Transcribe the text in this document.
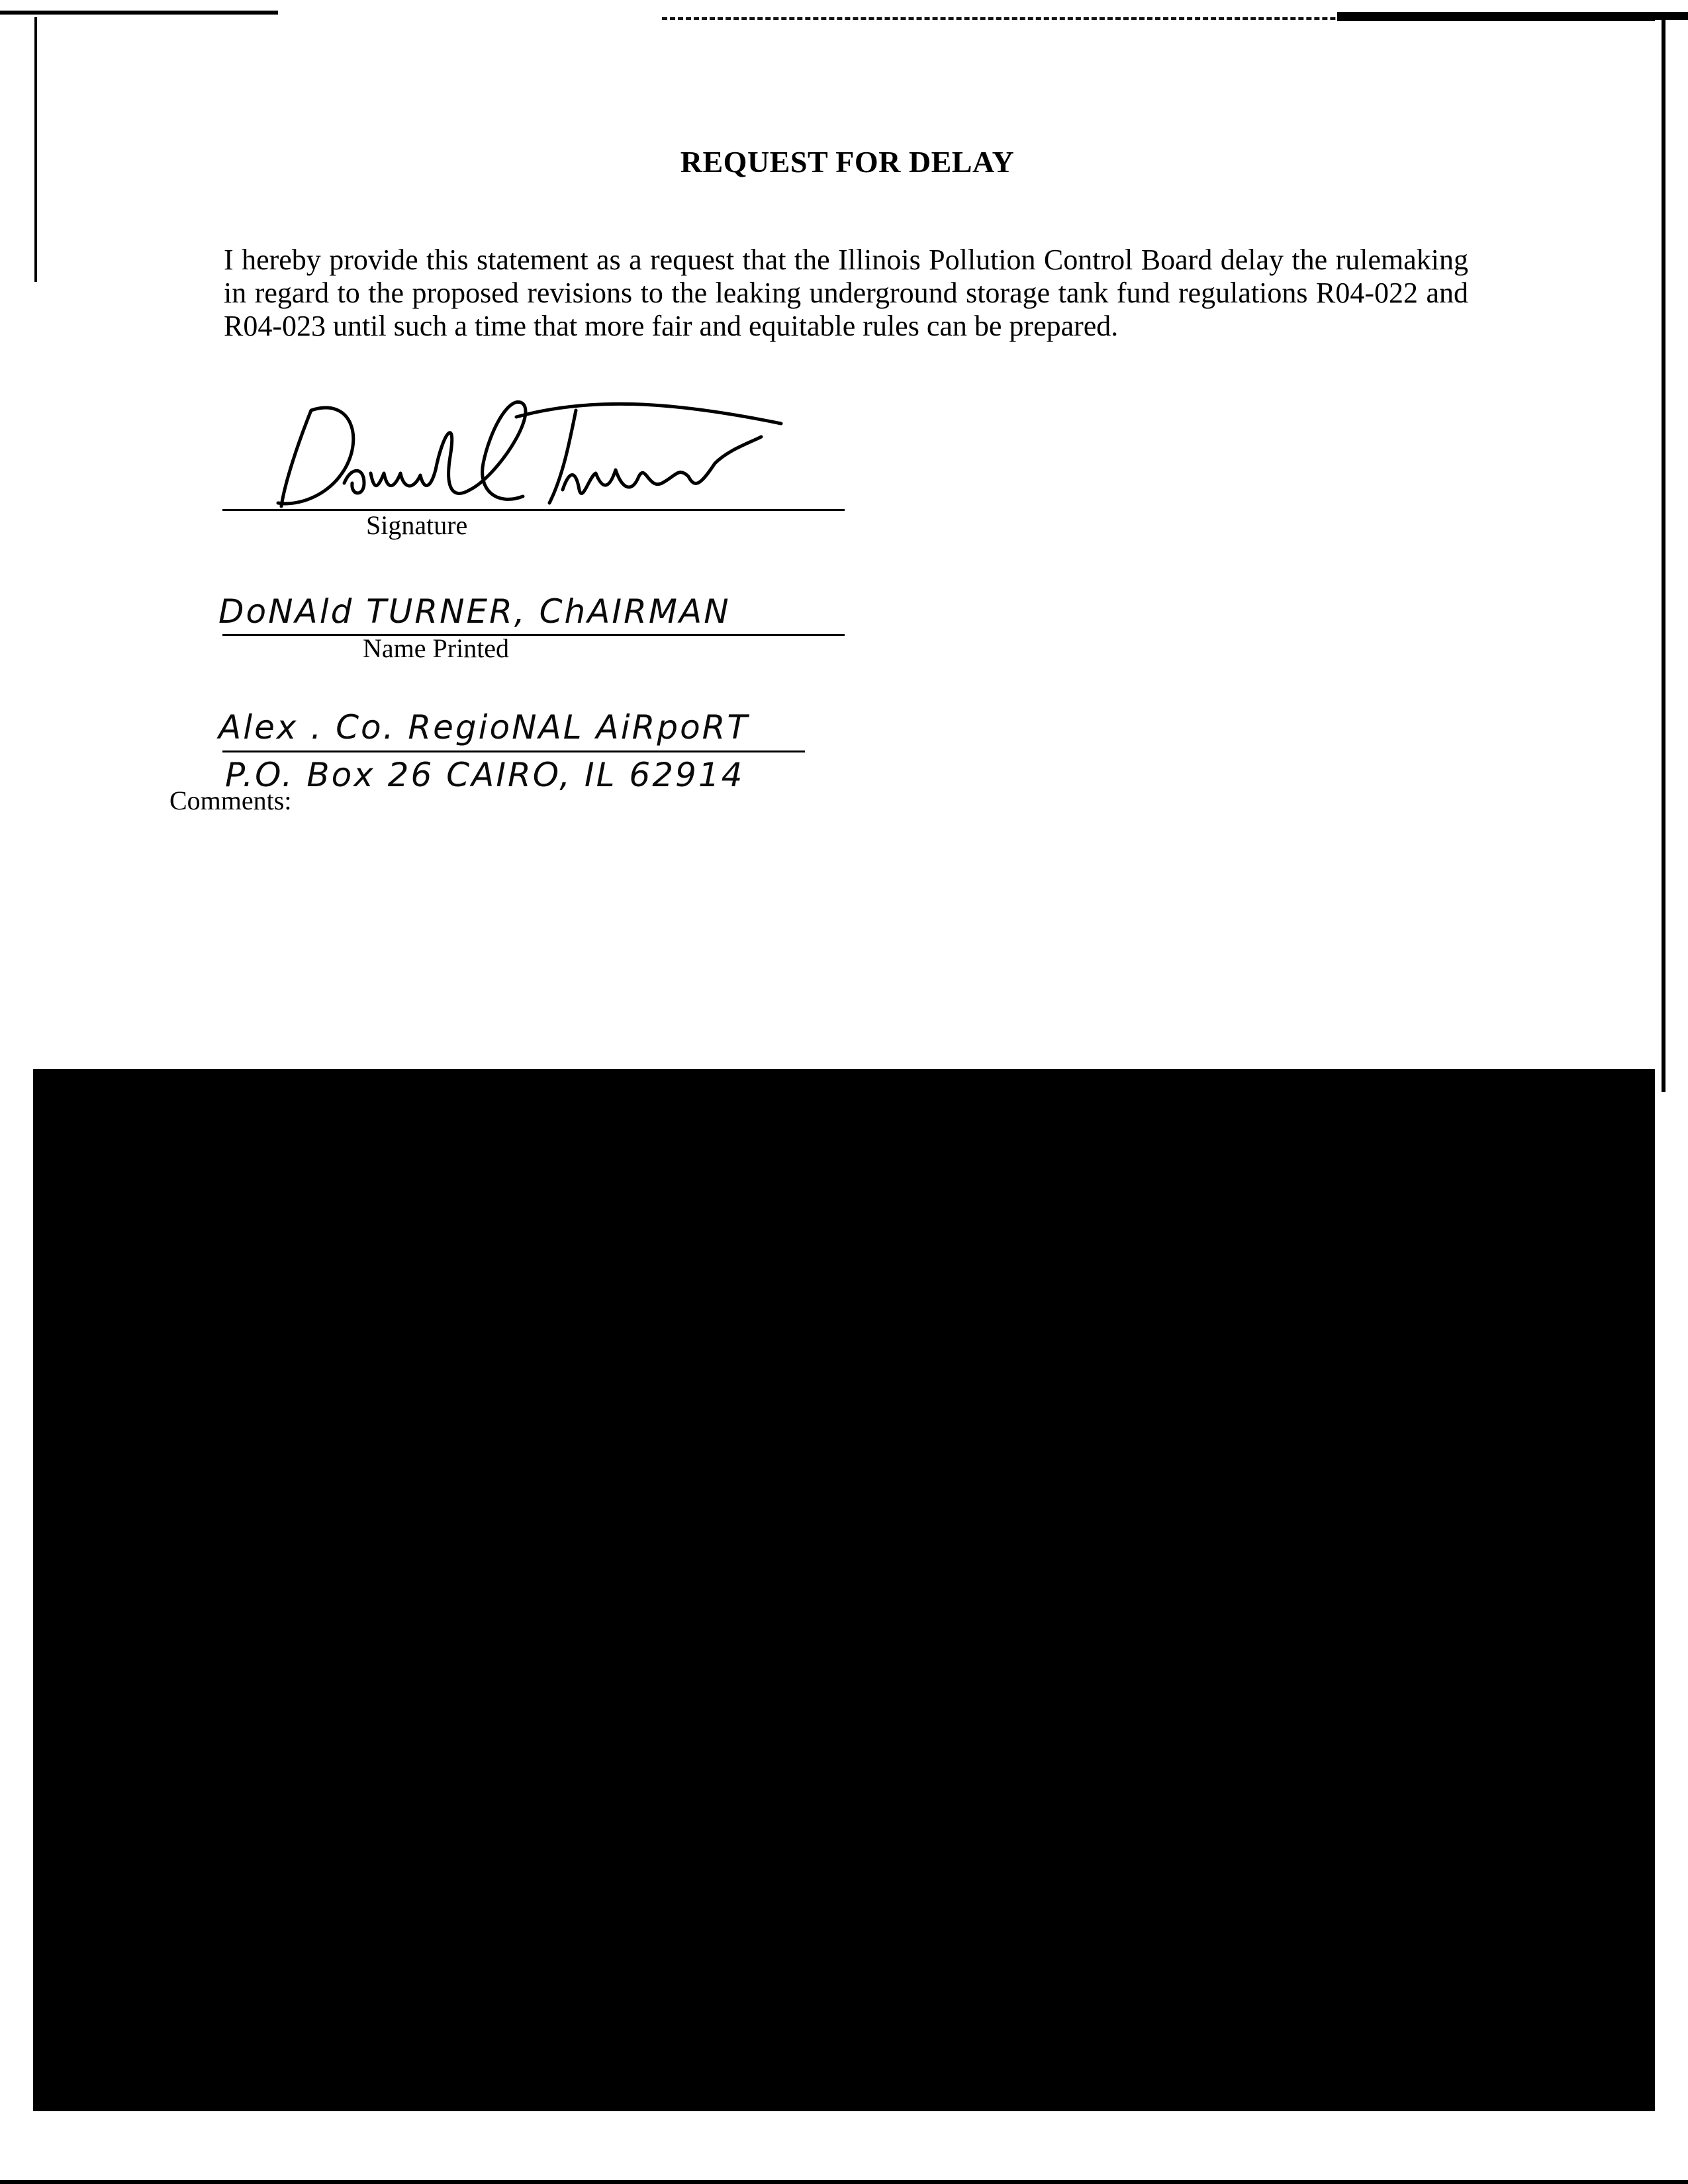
REQUEST FOR DELAY
I hereby provide this statement as a request that the Illinois Pollution Control Board delay the rulemaking in regard to the proposed revisions to the leaking underground storage tank fund regulations R04-022 and R04-023 until such a time that more fair and equitable rules can be prepared.
Signature
DoNAld TURNER, ChAIRMAN
Name Printed
Alex . Co. RegioNAL AiRpoRT
P.O. Box 26 CAIRO, IL 62914
Comments:
